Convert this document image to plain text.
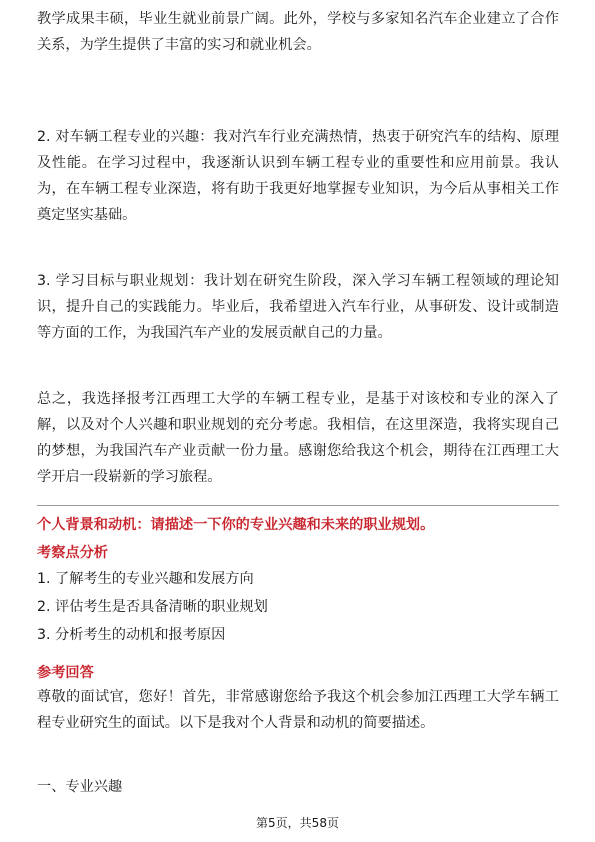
教学成果丰硕，毕业生就业前景广阔。此外，学校与多家知名汽车企业建立了合作关系，为学生提供了丰富的实习和就业机会。

2. 对车辆工程专业的兴趣：我对汽车行业充满热情，热衷于研究汽车的结构、原理及性能。在学习过程中，我逐渐认识到车辆工程专业的重要性和应用前景。我认为，在车辆工程专业深造，将有助于我更好地掌握专业知识，为今后从事相关工作奠定坚实基础。

3. 学习目标与职业规划：我计划在研究生阶段，深入学习车辆工程领域的理论知识，提升自己的实践能力。毕业后，我希望进入汽车行业，从事研发、设计或制造等方面的工作，为我国汽车产业的发展贡献自己的力量。

总之，我选择报考江西理工大学的车辆工程专业，是基于对该校和专业的深入了解，以及对个人兴趣和职业规划的充分考虑。我相信，在这里深造，我将实现自己的梦想，为我国汽车产业贡献一份力量。感谢您给我这个机会，期待在江西理工大学开启一段崭新的学习旅程。

个人背景和动机：请描述一下你的专业兴趣和未来的职业规划。

考察点分析

1. 了解考生的专业兴趣和发展方向

2. 评估考生是否具备清晰的职业规划

3. 分析考生的动机和报考原因

参考回答

尊敬的面试官，您好！首先，非常感谢您给予我这个机会参加江西理工大学车辆工程专业研究生的面试。以下是我对个人背景和动机的简要描述。

一、专业兴趣

第5页，共58页
